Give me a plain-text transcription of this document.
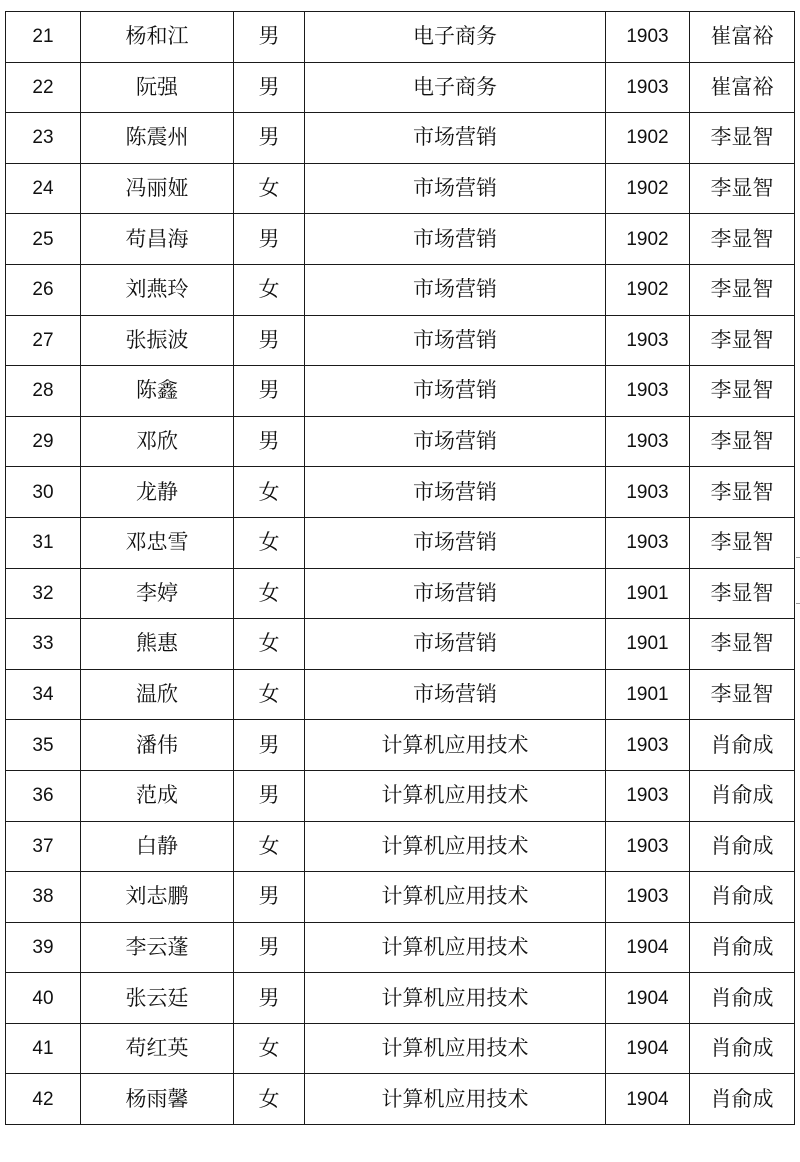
21	杨和江	男	电子商务	1903	崔富裕
22	阮强	男	电子商务	1903	崔富裕
23	陈震州	男	市场营销	1902	李显智
24	冯丽娅	女	市场营销	1902	李显智
25	苟昌海	男	市场营销	1902	李显智
26	刘燕玲	女	市场营销	1902	李显智
27	张振波	男	市场营销	1903	李显智
28	陈鑫	男	市场营销	1903	李显智
29	邓欣	男	市场营销	1903	李显智
30	龙静	女	市场营销	1903	李显智
31	邓忠雪	女	市场营销	1903	李显智
32	李婷	女	市场营销	1901	李显智
33	熊惠	女	市场营销	1901	李显智
34	温欣	女	市场营销	1901	李显智
35	潘伟	男	计算机应用技术	1903	肖俞成
36	范成	男	计算机应用技术	1903	肖俞成
37	白静	女	计算机应用技术	1903	肖俞成
38	刘志鹏	男	计算机应用技术	1903	肖俞成
39	李云蓬	男	计算机应用技术	1904	肖俞成
40	张云廷	男	计算机应用技术	1904	肖俞成
41	苟红英	女	计算机应用技术	1904	肖俞成
42	杨雨馨	女	计算机应用技术	1904	肖俞成
